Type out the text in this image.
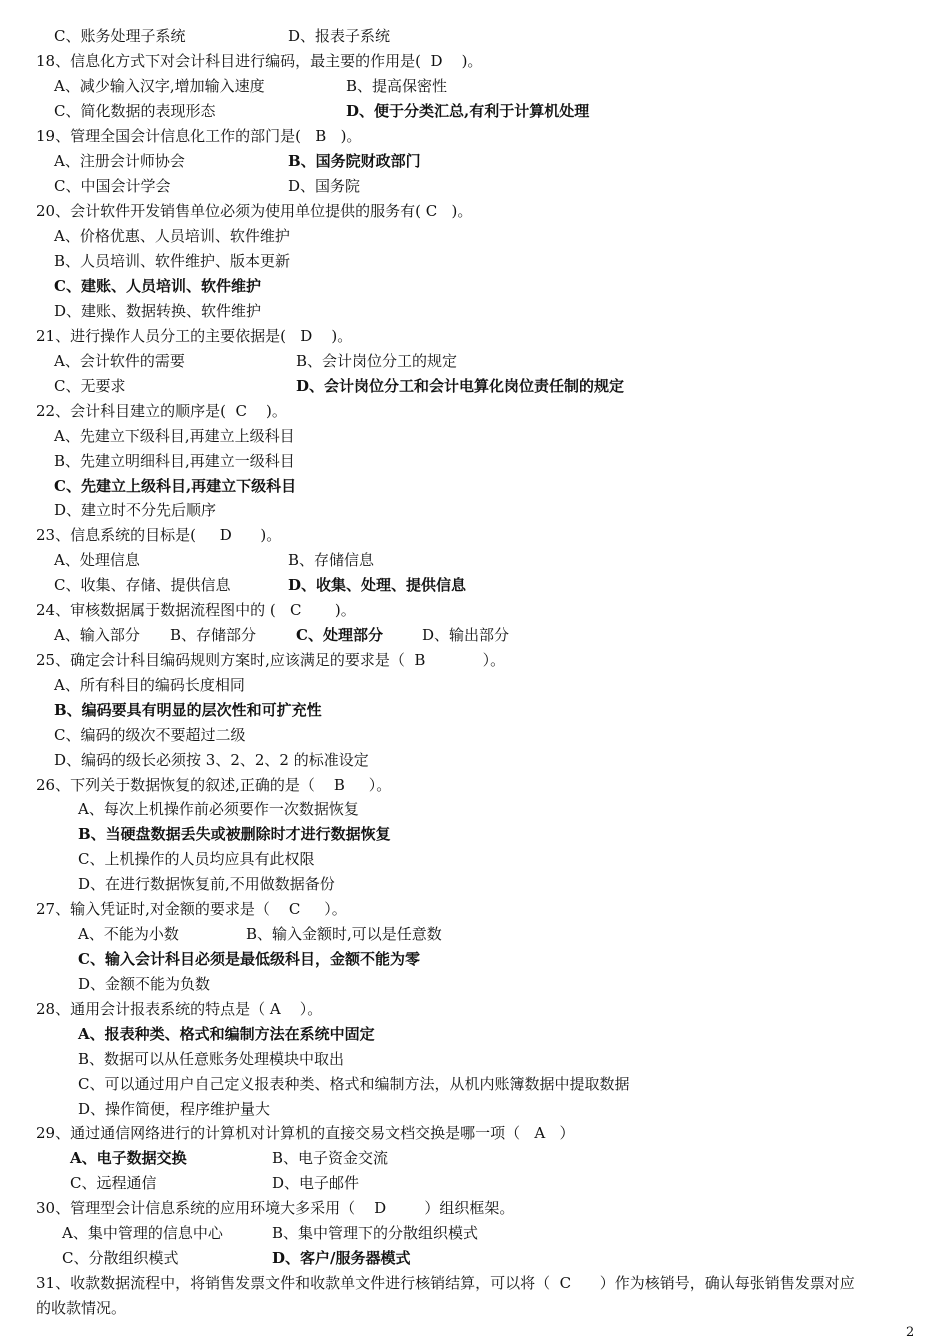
C、账务处理子系统	D、报表子系统
18、信息化方式下对会计科目进行编码，最主要的作用是(  D    )。
A、减少输入汉字,增加输入速度	B、提高保密性
C、简化数据的表现形态	D、便于分类汇总,有利于计算机处理
19、管理全国会计信息化工作的部门是(   B   )。
A、注册会计师协会	B、国务院财政部门
C、中国会计学会	D、国务院
20、会计软件开发销售单位必须为使用单位提供的服务有( C   )。
A、价格优惠、人员培训、软件维护
B、人员培训、软件维护、版本更新
C、建账、人员培训、软件维护
D、建账、数据转换、软件维护
21、进行操作人员分工的主要依据是(   D    )。
A、会计软件的需要	B、会计岗位分工的规定
C、无要求	D、会计岗位分工和会计电算化岗位责任制的规定
22、会计科目建立的顺序是(  C    )。
A、先建立下级科目,再建立上级科目
B、先建立明细科目,再建立一级科目
C、先建立上级科目,再建立下级科目
D、建立时不分先后顺序
23、信息系统的目标是(     D      )。
A、处理信息	B、存储信息
C、收集、存储、提供信息	D、收集、处理、提供信息
24、审核数据属于数据流程图中的 (   C       )。
A、输入部分 B、存储部分	C、处理部分	D、输出部分
25、确定会计科目编码规则方案时,应该满足的要求是（  B            ）。
A、所有科目的编码长度相同
B、编码要具有明显的层次性和可扩充性
C、编码的级次不要超过二级
D、编码的级长必须按 3、2、2、2 的标准设定
26、下列关于数据恢复的叙述,正确的是（    B     ）。
A、每次上机操作前必须要作一次数据恢复
B、当硬盘数据丢失或被删除时才进行数据恢复
C、上机操作的人员均应具有此权限
D、在进行数据恢复前,不用做数据备份
27、输入凭证时,对金额的要求是（    C     ）。
A、不能为小数	B、输入金额时,可以是任意数
C、输入会计科目必须是最低级科目，金额不能为零
D、金额不能为负数
28、通用会计报表系统的特点是（ A    ）。
A、报表种类、格式和编制方法在系统中固定
B、数据可以从任意账务处理模块中取出
C、可以通过用户自己定义报表种类、格式和编制方法，从机内账簿数据中提取数据
D、操作简便，程序维护量大
29、通过通信网络进行的计算机对计算机的直接交易文档交换是哪一项（   A   ）
A、电子数据交换	B、电子资金交流
C、远程通信	D、电子邮件
30、管理型会计信息系统的应用环境大多采用（    D        ）组织框架。
A、集中管理的信息中心	B、集中管理下的分散组织模式
C、分散组织模式	D、客户/服务器模式
31、收款数据流程中，将销售发票文件和收款单文件进行核销结算，可以将（  C      ）作为核销号，确认每张销售发票对应
的收款情况。
2
